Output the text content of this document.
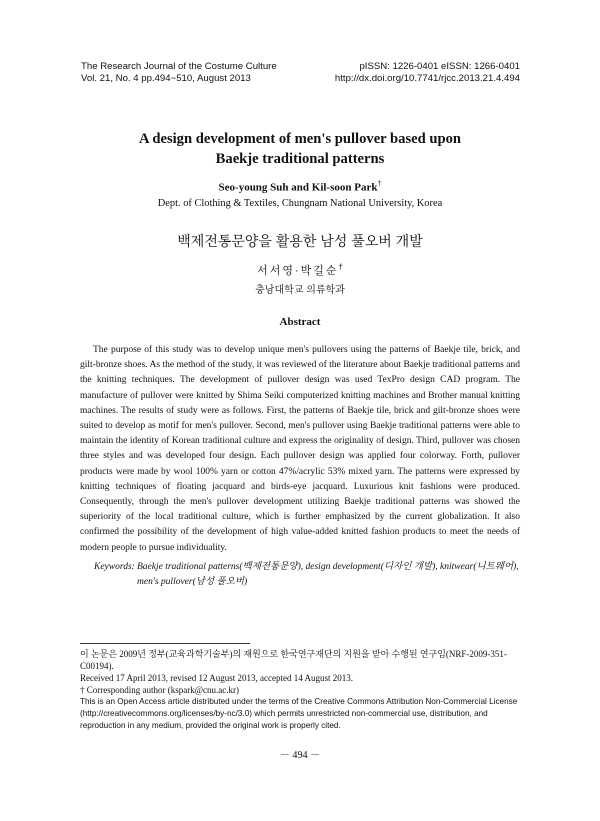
The Research Journal of the Costume Culture
Vol. 21, No. 4 pp.494~510, August 2013
pISSN: 1226-0401 eISSN: 1266-0401
http://dx.doi.org/10.7741/rjcc.2013.21.4.494
A design development of men's pullover based upon
Baekje traditional patterns
Seo-young Suh and Kil-soon Park†
Dept. of Clothing & Textiles, Chungnam National University, Korea
백제전통문양을 활용한 남성 풀오버 개발
서서영·박길순†
충남대학교 의류학과
Abstract

The purpose of this study was to develop unique men's pullovers using the patterns of Baekje tile, brick, and gilt-bronze shoes. As the method of the study, it was reviewed of the literature about Baekje traditional patterns and the knitting techniques. The development of pullover design was used TexPro design CAD program. The manufacture of pullover were knitted by Shima Seiki computerized knitting machines and Brother manual knitting machines. The results of study were as follows. First, the patterns of Baekje tile, brick and gilt-bronze shoes were suited to develop as motif for men's pullover. Second, men's pullover using Baekje traditional patterns were able to maintain the identity of Korean traditional culture and express the originality of design. Third, pullover was chosen three styles and was developed four design. Each pullover design was applied four colorway. Forth, pullover products were made by wool 100% yarn or cotton 47%/acrylic 53% mixed yarn. The patterns were expressed by knitting techniques of floating jacquard and birds-eye jacquard. Luxurious knit fashions were produced. Consequently, through the men's pullover development utilizing Baekje traditional patterns was showed the superiority of the local traditional culture, which is further emphasized by the current globalization. It also confirmed the possibility of the development of high value-added knitted fashion products to meet the needs of modern people to pursue individuality.

Keywords: Baekje traditional patterns(백제전통문양), design development(디자인 개발), knitwear(니트웨어), men's pullover(남성 풀오버)

이 논문은 2009년 정부(교육과학기술부)의 재원으로 한국연구재단의 지원을 받아 수행된 연구임(NRF-2009-351-C00194).

Received 17 April 2013, revised 12 August 2013, accepted 14 August 2013.

† Corresponding author (kspark@cnu.ac.kr)

This is an Open Access article distributed under the terms of the Creative Commons Attribution Non-Commercial License (http://creativecommons.org/licenses/by-nc/3.0) which permits unrestricted non-commercial use, distribution, and reproduction in any medium, provided the original work is properly cited.

－ 494 －
